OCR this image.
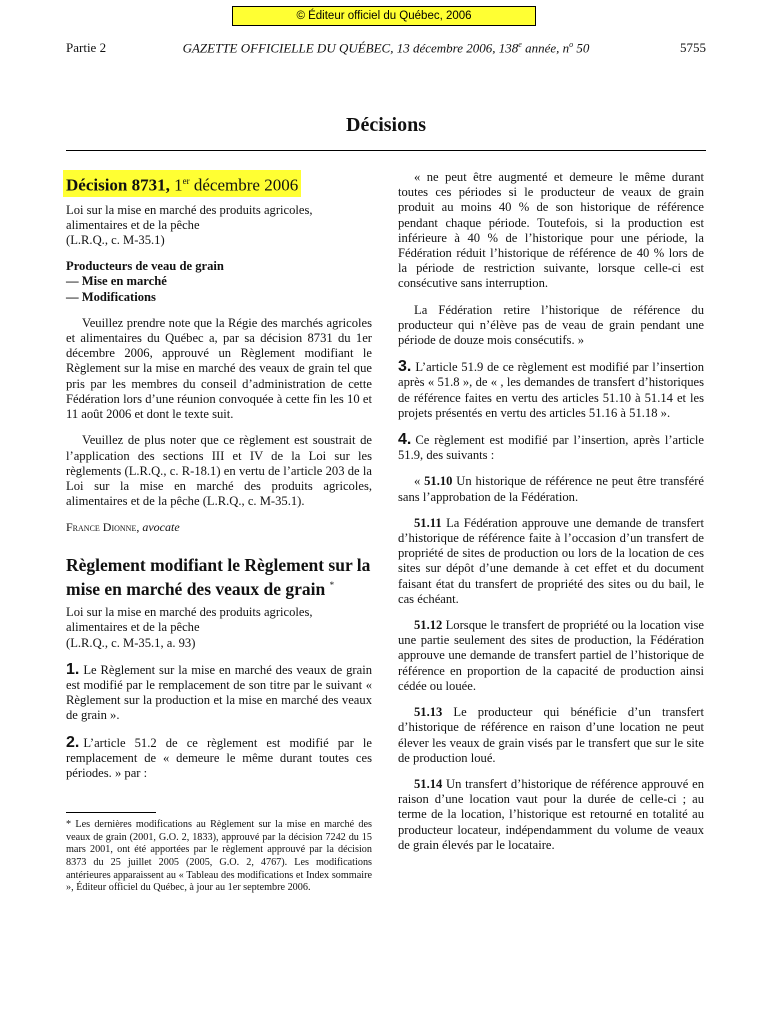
© Éditeur officiel du Québec, 2006
Partie 2	GAZETTE OFFICIELLE DU QUÉBEC, 13 décembre 2006, 138e année, $n^o$ 50	5755
Décisions
Décision 8731, 1er décembre 2006

Loi sur la mise en marché des produits agricoles, alimentaires et de la pêche

(L.R.Q., c. M-35.1)

Producteurs de veau de grain
— Mise en marché
— Modifications

Veuillez prendre note que la Régie des marchés agricoles et alimentaires du Québec a, par sa décision 8731 du 1er décembre 2006, approuvé un Règlement modifiant le Règlement sur la mise en marché des veaux de grain tel que pris par les membres du conseil d’administration de cette Fédération lors d’une réunion convoquée à cette fin les 10 et 11 août 2006 et dont le texte suit.

Veuillez de plus noter que ce règlement est soustrait de l’application des sections III et IV de la Loi sur les règlements (L.R.Q., c. R-18.1) en vertu de l’article 203 de la Loi sur la mise en marché des produits agricoles, alimentaires et de la pêche (L.R.Q., c. M-35.1).

France Dionne, avocate
Règlement modifiant le Règlement sur la mise en marché des veaux de grain *

Loi sur la mise en marché des produits agricoles, alimentaires et de la pêche

(L.R.Q., c. M-35.1, a. 93)

1. Le Règlement sur la mise en marché des veaux de grain est modifié par le remplacement de son titre par le suivant « Règlement sur la production et la mise en marché des veaux de grain ».

2. L’article 51.2 de ce règlement est modifié par le remplacement de « demeure le même durant toutes ces périodes. » par :

* Les dernières modifications au Règlement sur la mise en marché des veaux de grain (2001, G.O. 2, 1833), approuvé par la décision 7242 du 15 mars 2001, ont été apportées par le règlement approuvé par la décision 8373 du 25 juillet 2005 (2005, G.O. 2, 4767). Les modifications antérieures apparaissent au « Tableau des modifications et Index sommaire », Éditeur officiel du Québec, à jour au 1er septembre 2006.

« ne peut être augmenté et demeure le même durant toutes ces périodes si le producteur de veaux de grain produit au moins 40 % de son historique de référence pendant chaque période. Toutefois, si la production est inférieure à 40 % de l’historique pour une période, la Fédération réduit l’historique de référence de 40 % lors de la période de restriction suivante, lorsque celle-ci est consécutive sans interruption.

La Fédération retire l’historique de référence du producteur qui n’élève pas de veau de grain pendant une période de douze mois consécutifs. »

3. L’article 51.9 de ce règlement est modifié par l’insertion après « 51.8 », de « , les demandes de transfert d’historiques de référence faites en vertu des articles 51.10 à 51.14 et les projets présentés en vertu des articles 51.16 à 51.18 ».

4. Ce règlement est modifié par l’insertion, après l’article 51.9, des suivants :

« 51.10 Un historique de référence ne peut être transféré sans l’approbation de la Fédération.

51.11 La Fédération approuve une demande de transfert d’historique de référence faite à l’occasion d’un transfert de propriété de sites de production ou lors de la location de ces sites sur dépôt d’une demande à cet effet et du document faisant état du transfert de propriété des sites ou du bail, le cas échéant.

51.12 Lorsque le transfert de propriété ou la location vise une partie seulement des sites de production, la Fédération approuve une demande de transfert partiel de l’historique de référence en proportion de la capacité de production ainsi cédée ou louée.

51.13 Le producteur qui bénéficie d’un transfert d’historique de référence en raison d’une location ne peut élever les veaux de grain visés par le transfert que sur le site de production loué.

51.14 Un transfert d’historique de référence approuvé en raison d’une location vaut pour la durée de celle-ci ; au terme de la location, l’historique est retourné en totalité au producteur locateur, indépendamment du volume de veaux de grain élevés par le locataire.
